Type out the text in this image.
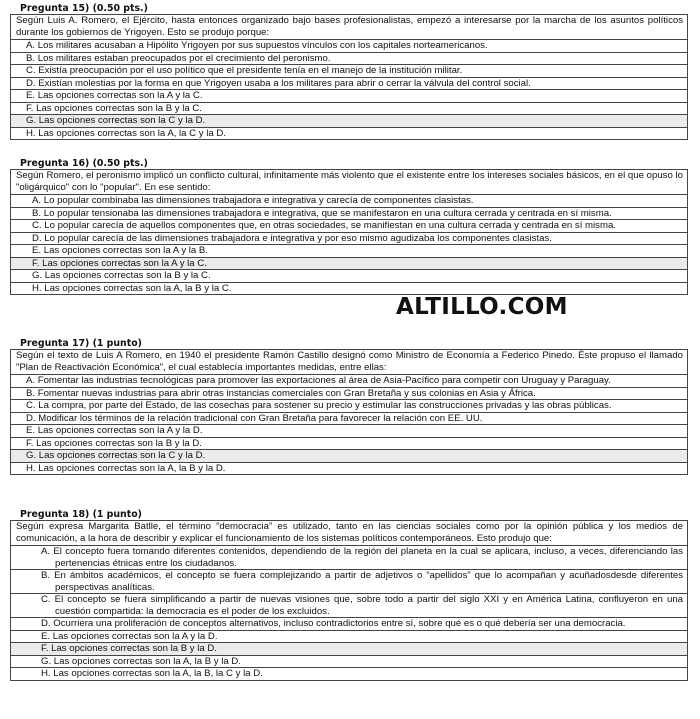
Pregunta 15) (0.50 pts.)
Según Luis A. Romero, el Ejército, hasta entonces organizado bajo bases profesionalistas, empezó a interesarse por la marcha de los asuntos políticos durante los gobiernos de Yrigoyen. Esto se produjo porque:
A. Los militares acusaban a Hipólito Yrigoyen por sus supuestos vínculos con los capitales norteamericanos.
B. Los militares estaban preocupados por el crecimiento del peronismo.
C. Existía preocupación por el uso político que el presidente tenía en el manejo de la institución militar.
D. Existían molestias por la forma en que Yrigoyen usaba a los militares para abrir o cerrar la válvula del control social.
E. Las opciones correctas son la A y la C.
F. Las opciones correctas son la B y la C.
G. Las opciones correctas son la C y la D.
H. Las opciones correctas son la A, la C y la D.
Pregunta 16) (0.50 pts.)
Según Romero, el peronismo implicó un conflicto cultural, infinitamente más violento que el existente entre los intereses sociales básicos, en el que opuso lo "oligárquico" con lo "popular". En ese sentido:
A. Lo popular combinaba las dimensiones trabajadora e integrativa y carecía de componentes clasistas.
B. Lo popular tensionaba las dimensiones trabajadora e integrativa, que se manifestaron en una cultura cerrada y centrada en sí misma.
C. Lo popular carecía de aquellos componentes que, en otras sociedades, se manifiestan en una cultura cerrada y centrada en sí misma.
D. Lo popular carecía de las dimensiones trabajadora e integrativa y por eso mismo agudizaba los componentes clasistas.
E. Las opciones correctas son la A y la B.
F. Las opciones correctas son la A y la C.
G. Las opciones correctas son la B y la C.
H. Las opciones correctas son la A, la B y la C.
Pregunta 17) (1 punto)
Según el texto de Luis A Romero, en 1940 el presidente Ramón Castillo designó como Ministro de Economía a Federico Pinedo. Éste propuso el llamado "Plan de Reactivación Económica", el cual establecía importantes medidas, entre ellas:
A. Fomentar las industrias tecnológicas para promover las exportaciones al área de Asia-Pacífico para competir con Uruguay y Paraguay.
B. Fomentar nuevas industrias para abrir otras instancias comerciales con Gran Bretaña y sus colonias en Asia y África.
C. La compra, por parte del Estado, de las cosechas para sostener su precio y estimular las construcciones privadas y las obras públicas.
D. Modificar los términos de la relación tradicional con Gran Bretaña para favorecer la relación con EE. UU.
E. Las opciones correctas son la A y la D.
F. Las opciones correctas son la B y la D.
G. Las opciones correctas son la C y la D.
H. Las opciones correctas son la A, la B y la D.
Pregunta 18) (1 punto)
Según expresa Margarita Batlle, el término “democracia” es utilizado, tanto en las ciencias sociales como por la opinión pública y los medios de comunicación, a la hora de describir y explicar el funcionamiento de los sistemas políticos contemporáneos. Esto produjo que:
A. El concepto fuera tomando diferentes contenidos, dependiendo de la región del planeta en la cual se aplicara, incluso, a veces, diferenciando las pertenencias étnicas entre los ciudadanos.
B. En ámbitos académicos, el concepto se fuera complejizando a partir de adjetivos o “apellidos” que lo acompañan y acuñadosdesde diferentes perspectivas analíticas.
C. El concepto se fuera simplificando a partir de nuevas visiones que, sobre todo a partir del siglo XXI y en América Latina, confluyeron en una cuestión compartida: la democracia es el poder de los excluidos.
D. Ocurriera una proliferación de conceptos alternativos, incluso contradictorios entre sí, sobre qué es o qué debería ser una democracia.
E. Las opciones correctas son la A y la D.
F. Las opciones correctas son la B y la D.
G. Las opciones correctas son la A, la B y la D.
H. Las opciones correctas son la A, la B, la C y la D.
ALTILLO.COM
